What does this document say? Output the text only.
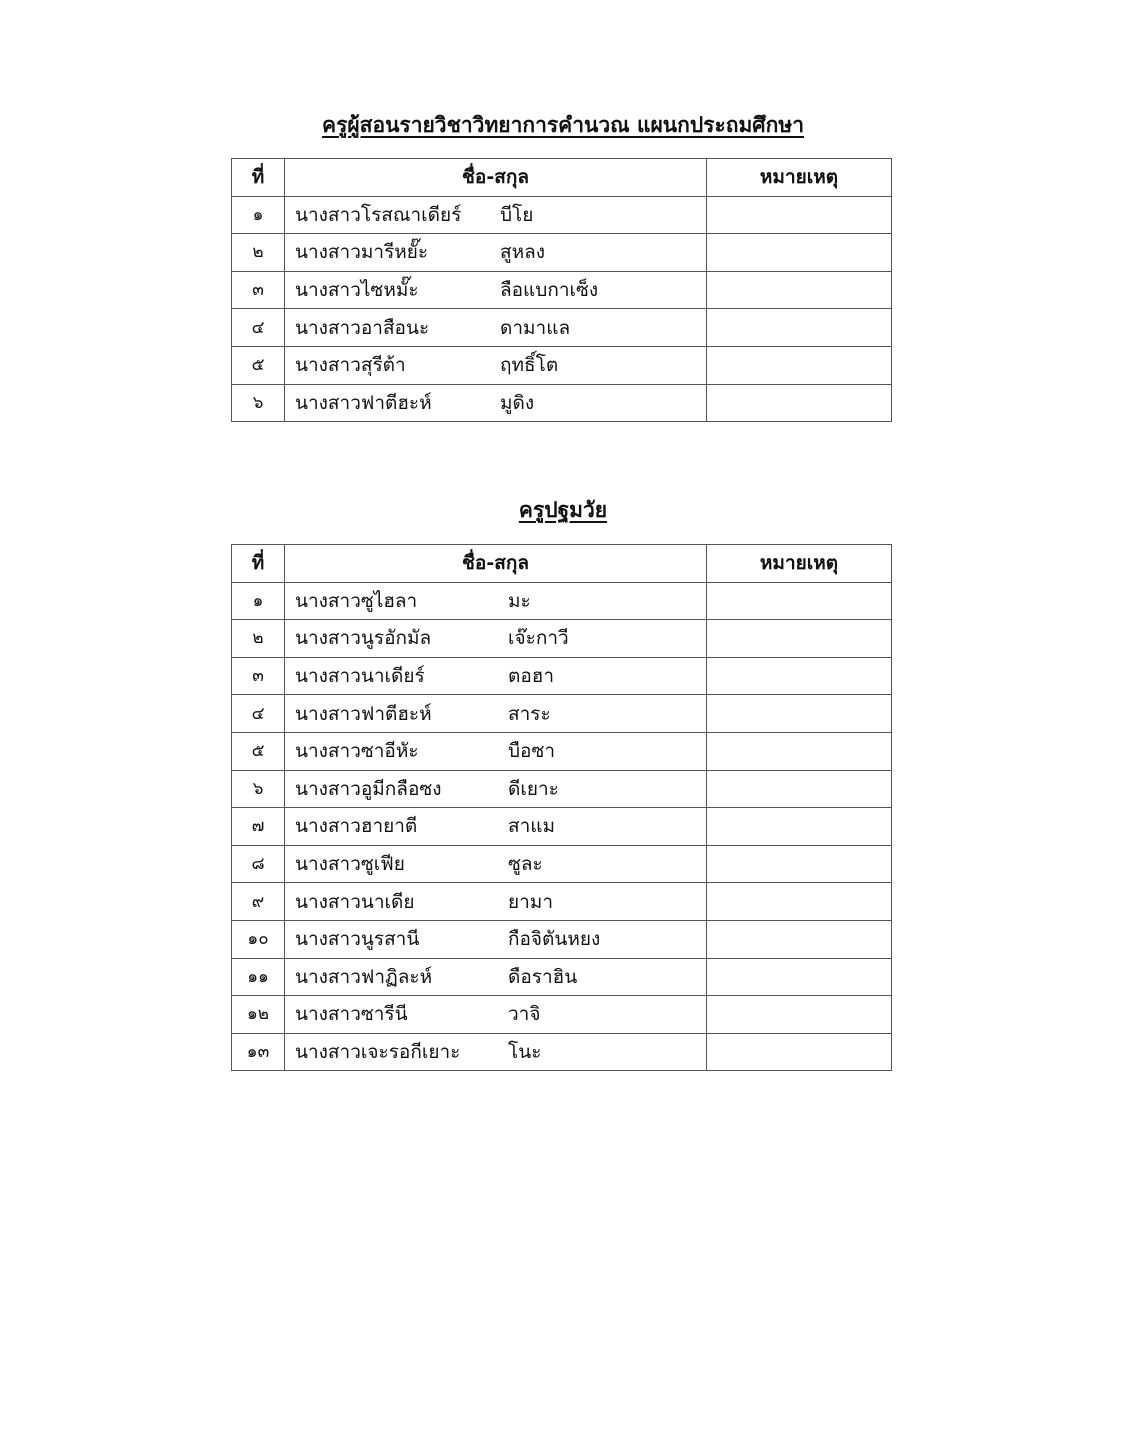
ครูผู้สอนรายวิชาวิทยาการคำนวณ แผนกประถมศึกษา
ที่	ชื่อ-สกุล	หมายเหตุ
๑	นางสาวโรสณาเดียร์ บีโย	
๒	นางสาวมารีหยั๊ะ สูหลง	
๓	นางสาวไซหมั๊ะ ลือแบกาเซ็ง	
๔	นางสาวอาสือนะ ดามาแล	
๕	นางสาวสุรีต้า ฤทธิ์โต	
๖	นางสาวฟาตีฮะห์ มูดิง	
ครูปฐมวัย
ที่	ชื่อ-สกุล	หมายเหตุ
๑	นางสาวซูไฮลา มะ	
๒	นางสาวนูรอักมัล เจ๊ะกาวี	
๓	นางสาวนาเดียร์ ตอฮา	
๔	นางสาวฟาตีฮะห์ สาระ	
๕	นางสาวซาอีหัะ บือซา	
๖	นางสาวอูมีกลือซง ดีเยาะ	
๗	นางสาวฮายาตี สาแม	
๘	นางสาวซูเฟีย ซูละ	
๙	นางสาวนาเดีย ยามา	
๑๐	นางสาวนูรสานี กือจิตันหยง	
๑๑	นางสาวฟาฏิละห์ ดือราฮิน	
๑๒	นางสาวซารีนี วาจิ	
๑๓	นางสาวเจะรอกีเยาะ โนะ	
